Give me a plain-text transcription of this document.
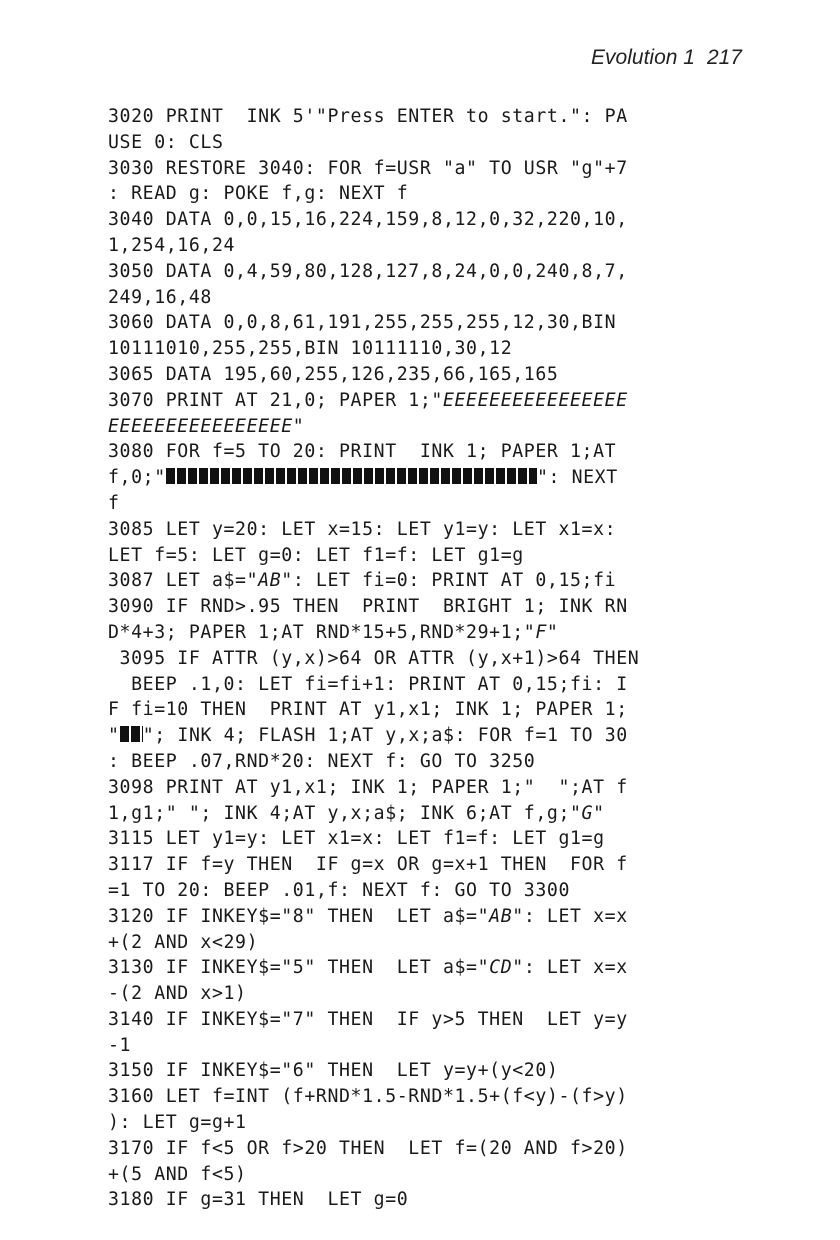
Evolution 1 217
3020 PRINT  INK 5'"Press ENTER to start.": PA
USE 0: CLS
3030 RESTORE 3040: FOR f=USR "a" TO USR "g"+7
: READ g: POKE f,g: NEXT f
3040 DATA 0,0,15,16,224,159,8,12,0,32,220,10,
1,254,16,24
3050 DATA 0,4,59,80,128,127,8,24,0,0,240,8,7,
249,16,48
3060 DATA 0,0,8,61,191,255,255,255,12,30,BIN
10111010,255,255,BIN 10111110,30,12
3065 DATA 195,60,255,126,235,66,165,165
3070 PRINT AT 21,0; PAPER 1;"EEEEEEEEEEEEEEEE
EEEEEEEEEEEEEEEE"
3080 FOR f=5 TO 20: PRINT  INK 1; PAPER 1;AT
f,0;"	": NEXT
f
3085 LET y=20: LET x=15: LET y1=y: LET x1=x:
LET f=5: LET g=0: LET f1=f: LET g1=g
3087 LET a$="AB": LET fi=0: PRINT AT 0,15;fi
3090 IF RND>.95 THEN  PRINT  BRIGHT 1; INK RN
D*4+3; PAPER 1;AT RND*15+5,RND*29+1;"F"
3095 IF ATTR (y,x)>64 OR ATTR (y,x+1)>64 THEN
BEEP .1,0: LET fi=fi+1: PRINT AT 0,15;fi: I
F fi=10 THEN  PRINT AT y1,x1; INK 1; PAPER 1;
" "; INK 4; FLASH 1;AT y,x;a$: FOR f=1 TO 30
: BEEP .07,RND*20: NEXT f: GO TO 3250
3098 PRINT AT y1,x1; INK 1; PAPER 1;"  ";AT f
1,g1;" "; INK 4;AT y,x;a$; INK 6;AT f,g;"G"
3115 LET y1=y: LET x1=x: LET f1=f: LET g1=g
3117 IF f=y THEN  IF g=x OR g=x+1 THEN  FOR f
=1 TO 20: BEEP .01,f: NEXT f: GO TO 3300
3120 IF INKEY$="8" THEN  LET a$="AB": LET x=x
+(2 AND x<29)
3130 IF INKEY$="5" THEN  LET a$="CD": LET x=x
-(2 AND x>1)
3140 IF INKEY$="7" THEN  IF y>5 THEN  LET y=y
-1
3150 IF INKEY$="6" THEN  LET y=y+(y<20)
3160 LET f=INT (f+RND*1.5-RND*1.5+(f<y)-(f>y)
): LET g=g+1
3170 IF f<5 OR f>20 THEN  LET f=(20 AND f>20)
+(5 AND f<5)
3180 IF g=31 THEN  LET g=0
